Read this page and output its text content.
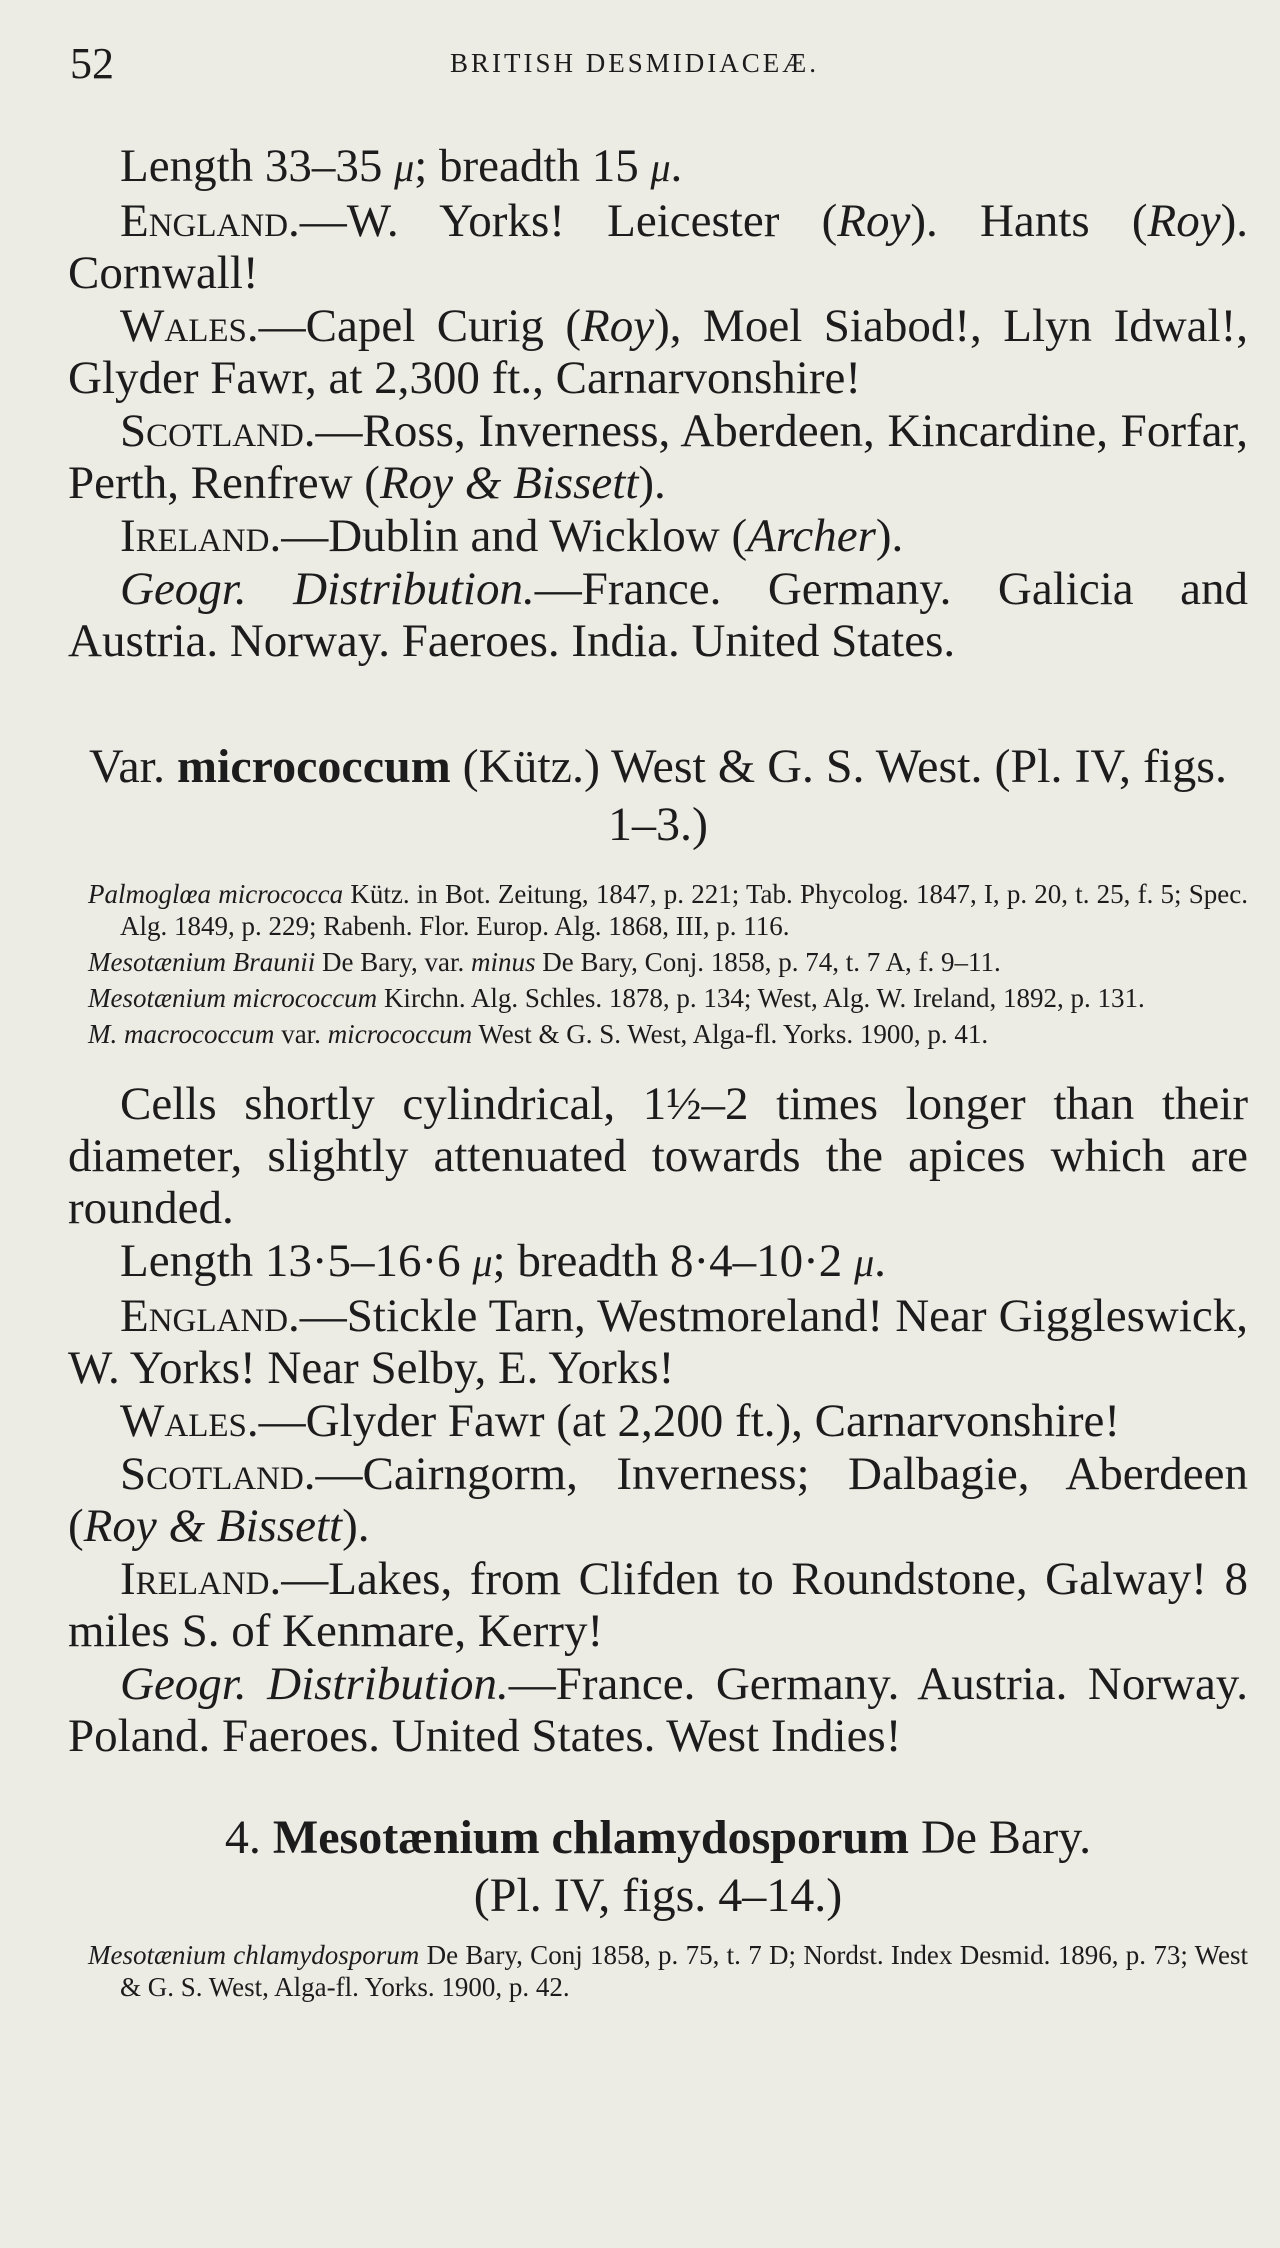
52	BRITISH DESMIDIACEÆ.

Length 33–35 μ; breadth 15 μ.

England.—W. Yorks! Leicester (Roy). Hants (Roy). Cornwall!

Wales.—Capel Curig (Roy), Moel Siabod!, Llyn Idwal!, Glyder Fawr, at 2,300 ft., Carnarvonshire!

Scotland.—Ross, Inverness, Aberdeen, Kincardine, Forfar, Perth, Renfrew (Roy & Bissett).

Ireland.—Dublin and Wicklow (Archer).

Geogr. Distribution.—France. Germany. Galicia and Austria. Norway. Faeroes. India. United States.

Var. micrococcum (Kütz.) West & G. S. West. (Pl. IV, figs. 1–3.)

Palmoglœa micrococca Kütz. in Bot. Zeitung, 1847, p. 221; Tab. Phycolog. 1847, I, p. 20, t. 25, f. 5; Spec. Alg. 1849, p. 229; Rabenh. Flor. Europ. Alg. 1868, III, p. 116.

Mesotænium Braunii De Bary, var. minus De Bary, Conj. 1858, p. 74, t. 7 A, f. 9–11.

Mesotænium micrococcum Kirchn. Alg. Schles. 1878, p. 134; West, Alg. W. Ireland, 1892, p. 131.

M. macrococcum var. micrococcum West & G. S. West, Alga-fl. Yorks. 1900, p. 41.

Cells shortly cylindrical, 1½–2 times longer than their diameter, slightly attenuated towards the apices which are rounded.

Length 13·5–16·6 μ; breadth 8·4–10·2 μ.

England.—Stickle Tarn, Westmoreland! Near Giggleswick, W. Yorks! Near Selby, E. Yorks!

Wales.—Glyder Fawr (at 2,200 ft.), Carnarvonshire!

Scotland.—Cairngorm, Inverness; Dalbagie, Aberdeen (Roy & Bissett).

Ireland.—Lakes, from Clifden to Roundstone, Galway! 8 miles S. of Kenmare, Kerry!

Geogr. Distribution.—France. Germany. Austria. Norway. Poland. Faeroes. United States. West Indies!

4. Mesotænium chlamydosporum De Bary.

(Pl. IV, figs. 4–14.)

Mesotænium chlamydosporum De Bary, Conj 1858, p. 75, t. 7 D; Nordst. Index Desmid. 1896, p. 73; West & G. S. West, Alga-fl. Yorks. 1900, p. 42.
